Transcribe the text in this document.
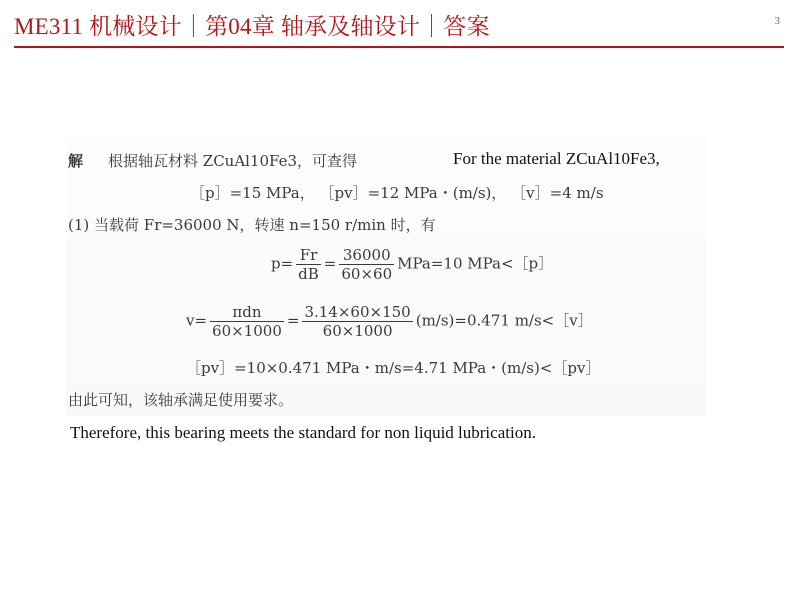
ME311 机械设计｜第04章 轴承及轴设计｜答案	3
解 根据轴瓦材料 ZCuAl10Fe3，可查得	For the material ZCuAl10Fe3,
［p］=15 MPa， ［pv］=12 MPa・(m/s)， ［v］=4 m/s
(1) 当载荷 Fr=36000 N，转速 n=150 r/min 时，有
$p= \frac{Fr}{dB} = \frac{36000}{60\times 60} MPa=10$ MPa<［p］
$v= \frac{\text{πdn}}{60\times 1000} = \frac{3.14\times 60\times 150}{60\times 1000} (m/s)=0.471$ m/s<［v］
［pv］=10×0.471 MPa・m/s=4.71 MPa・(m/s)<［pv］
由此可知，该轴承满足使用要求。
Therefore, this bearing meets the standard for non liquid lubrication.
